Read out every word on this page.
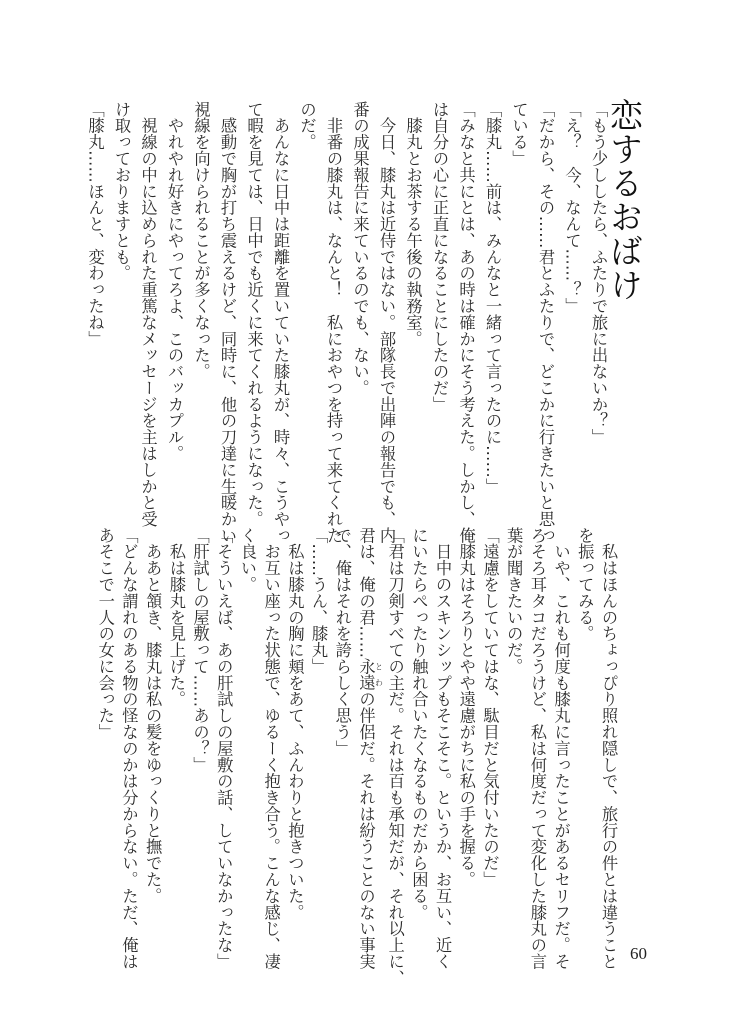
恋するおばけ
「もう少ししたら、ふたりで旅に出ないか？」
「え？　今、なんて……？」
「だから、その……君とふたりで、どこかに行きたいと思っ
ている」
「膝丸……前は、みんなと一緒って言ったのに……」
「みなと共にとは、あの時は確かにそう考えた。しかし、俺
は自分の心に正直になることにしたのだ」
　膝丸とお茶する午後の執務室。
　今日、膝丸は近侍ではない。部隊長で出陣の報告でも、内
番の成果報告に来ているのでも、ない。
　非番の膝丸は、なんと！　私におやつを持って来てくれた
のだ。
　あんなに日中は距離を置いていた膝丸が、時々、こうやっ
て暇を見ては、日中でも近くに来てくれるようになった。
　感動で胸が打ち震えるけど、同時に、他の刀達に生暖かい
視線を向けられることが多くなった。
　やれやれ好きにやってろよ、このバッカプル。
　視線の中に込められた重篤なメッセージを主はしかと受
け取っておりますとも。
「膝丸……ほんと、変わったね」
　私はほんのちょっぴり照れ隠しで、旅行の件とは違うこと
を振ってみる。
　いや、これも何度も膝丸に言ったことがあるセリフだ。そ
ろそろ耳タコだろうけど、私は何度だって変化した膝丸の言
葉が聞きたいのだ。
「遠慮をしていてはな、駄目だと気付いたのだ」
　膝丸はそろりとやや遠慮がちに私の手を握る。
　日中のスキンシップもそこそこ。というか、お互い、近く
にいたらぺったり触れ合いたくなるものだから困る。
「君は刀剣すべての主だ。それは百も承知だが、それ以上に、
君は、俺の君……永遠 とわの伴侶だ。それは紛うことのない事実
で、俺はそれを誇らしく思う」
「……うん、膝丸」
　私は膝丸の胸に頬をあて、ふんわりと抱きついた。
　お互い座った状態で、ゆるーく抱き合う。こんな感じ、凄
く良い。
「そういえば、あの肝試しの屋敷の話、していなかったな」
「肝試しの屋敷って……あの？」
　私は膝丸を見上げた。
　ああと頷き、膝丸は私の髪をゆっくりと撫でた。
「どんな謂れのある物の怪なのかは分からない。ただ、俺は
あそこで一人の女に会った」
60
